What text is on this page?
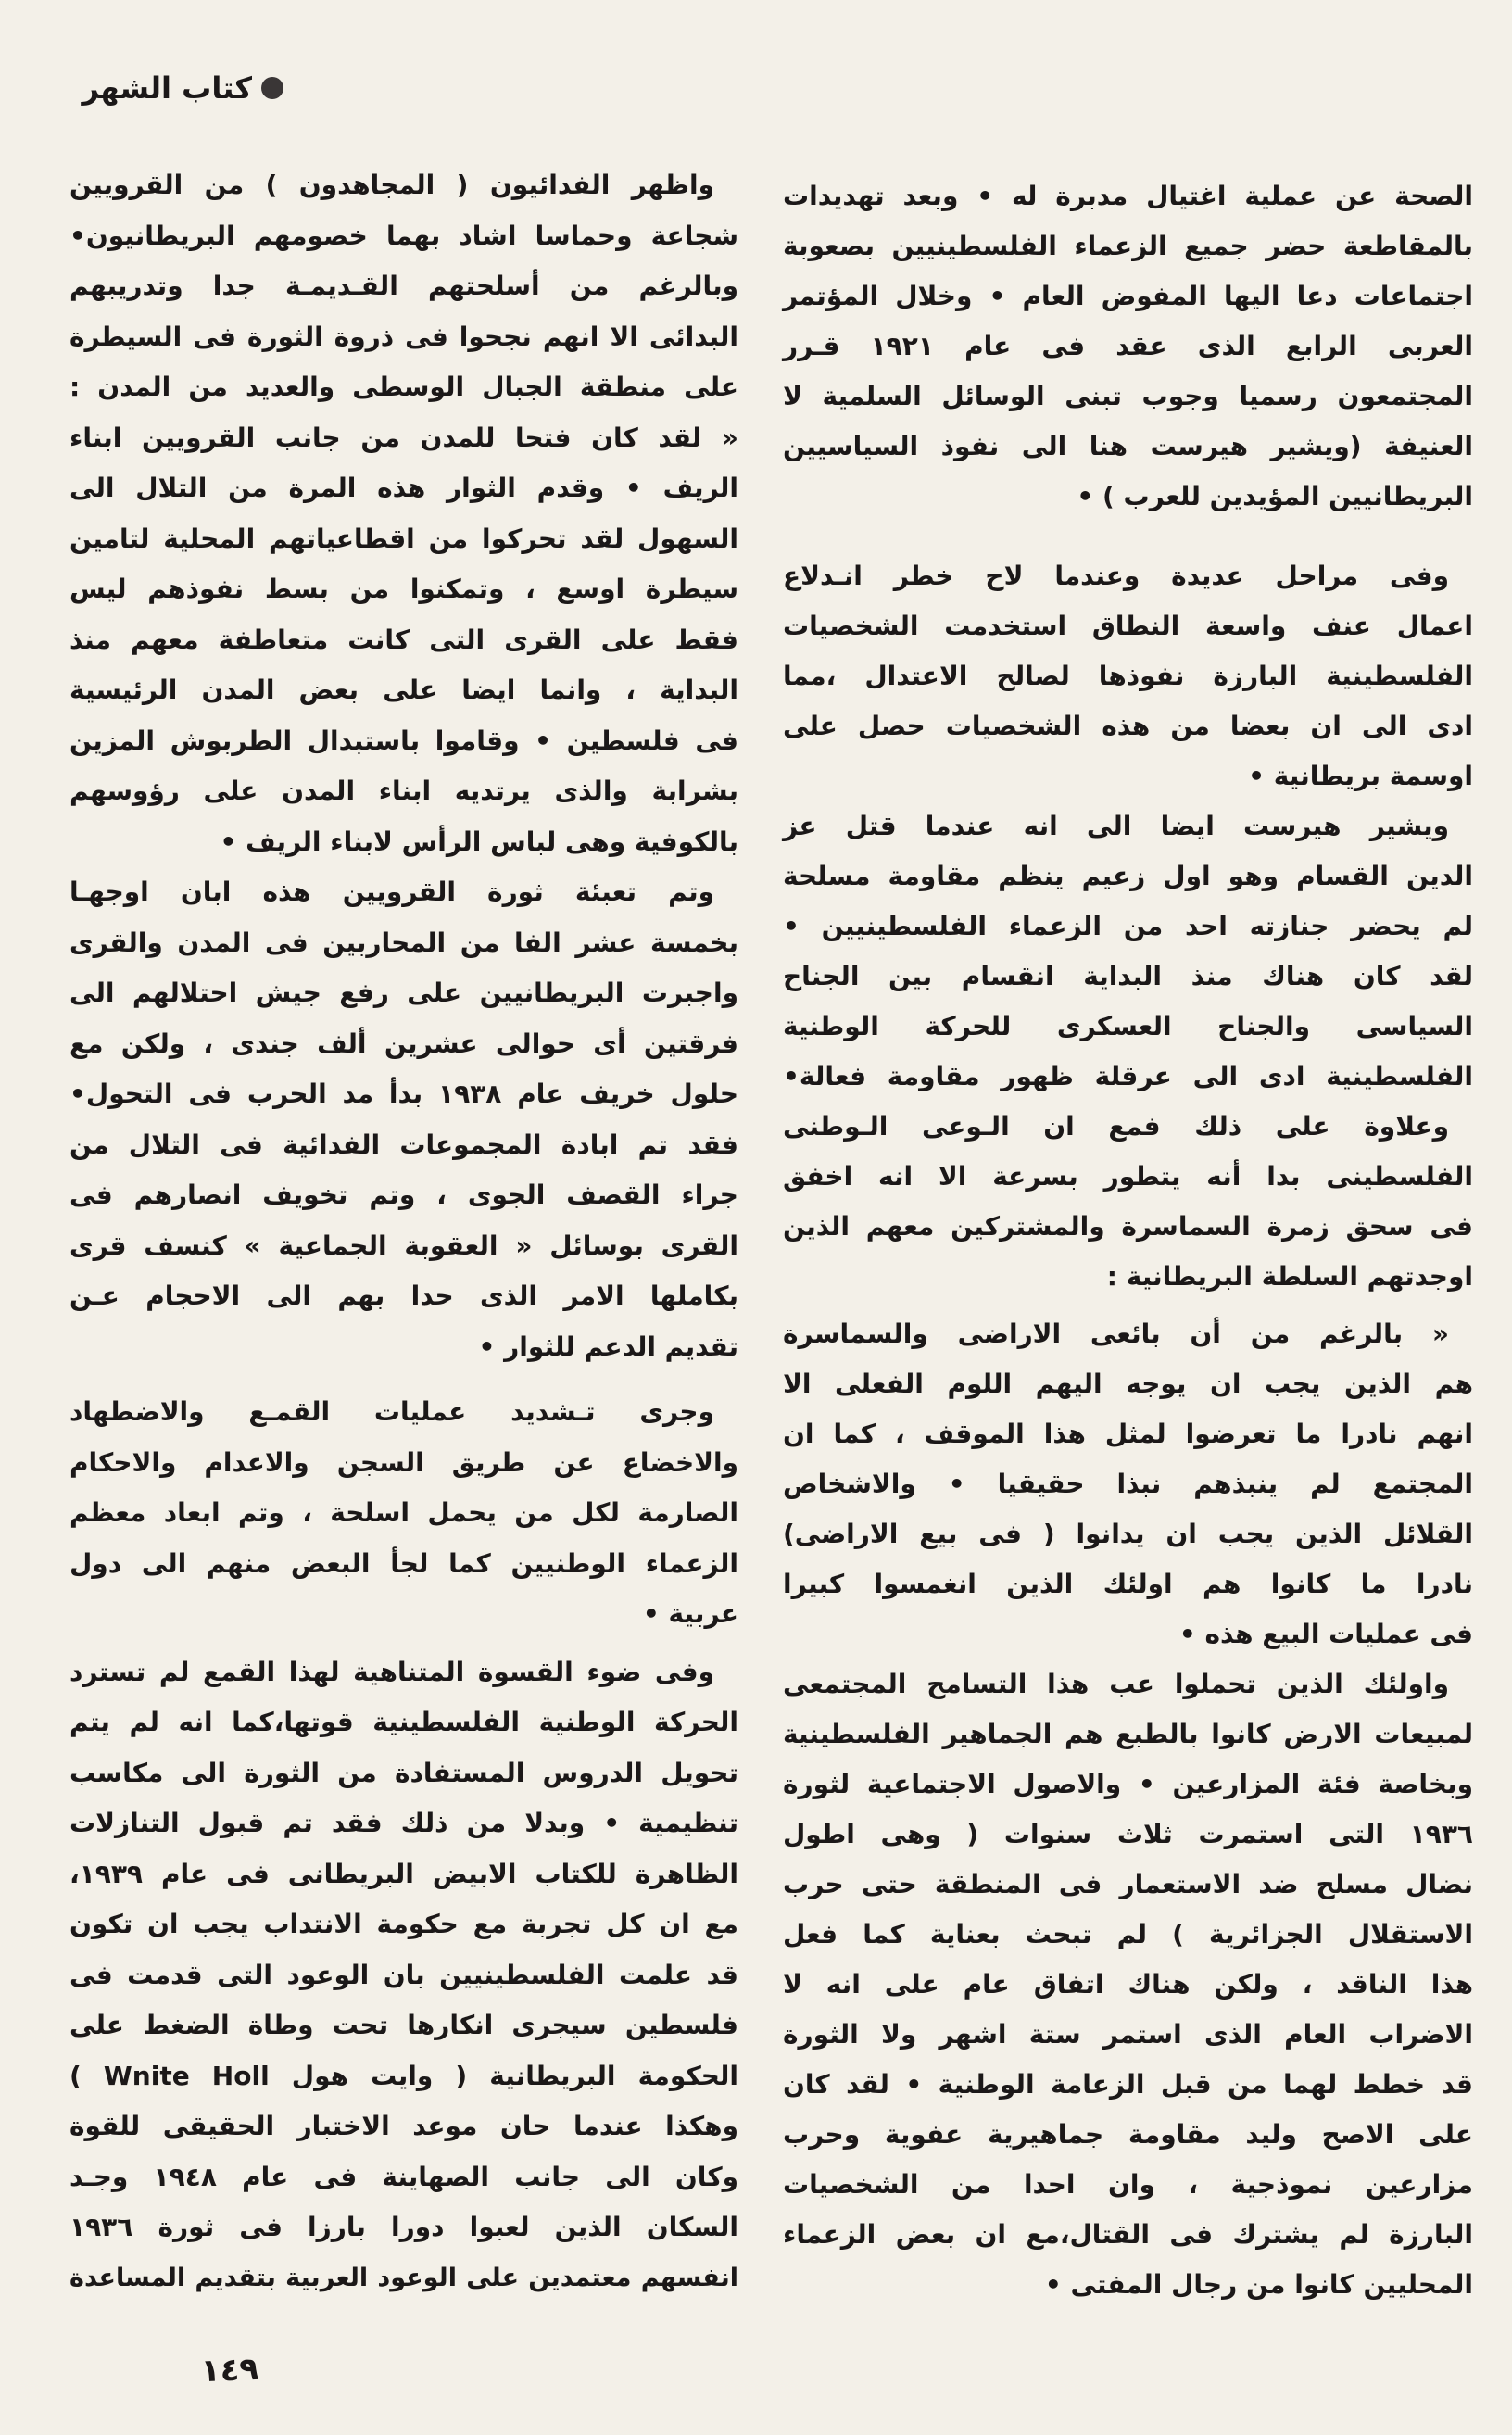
كتاب الشهر
الصحة عن عملية اغتيال مدبرة له • وبعد تهديدات
بالمقاطعة حضر جميع الزعماء الفلسطينيين بصعوبة
اجتماعات دعا اليها المفوض العام • وخلال المؤتمر
العربى الرابع الذى عقد فى عام ١٩٢١ قـرر
المجتمعون رسميا وجوب تبنى الوسائل السلمية لا
العنيفة (ويشير هيرست هنا الى نفوذ السياسيين
البريطانيين المؤيدين للعرب ) •
وفى مراحل عديدة وعندما لاح خطر انـدلاع
اعمال عنف واسعة النطاق استخدمت الشخصيات
الفلسطينية البارزة نفوذها لصالح الاعتدال ،مما
ادى الى ان بعضا من هذه الشخصيات حصل على
اوسمة بريطانية •
ويشير هيرست ايضا الى انه عندما قتل عز
الدين القسام وهو اول زعيم ينظم مقاومة مسلحة
لم يحضر جنازته احد من الزعماء الفلسطينيين •
لقد كان هناك منذ البداية انقسام بين الجناح
السياسى والجناح العسكرى للحركة الوطنية
الفلسطينية ادى الى عرقلة ظهور مقاومة فعالة•
وعلاوة على ذلك فمع ان الـوعى الـوطنى
الفلسطينى بدا أنه يتطور بسرعة الا انه اخفق
فى سحق زمرة السماسرة والمشتركين معهم الذين
اوجدتهم السلطة البريطانية :
« بالرغم من أن بائعى الاراضى والسماسرة
هم الذين يجب ان يوجه اليهم اللوم الفعلى الا
انهم نادرا ما تعرضوا لمثل هذا الموقف ، كما ان
المجتمع لم ينبذهم نبذا حقيقيا • والاشخاص
القلائل الذين يجب ان يدانوا ( فى بيع الاراضى)
نادرا ما كانوا هم اولئك الذين انغمسوا كبيرا
فى عمليات البيع هذه •
واولئك الذين تحملوا عب هذا التسامح المجتمعى
لمبيعات الارض كانوا بالطبع هم الجماهير الفلسطينية
وبخاصة فئة المزارعين • والاصول الاجتماعية لثورة
١٩٣٦ التى استمرت ثلاث سنوات ( وهى اطول
نضال مسلح ضد الاستعمار فى المنطقة حتى حرب
الاستقلال الجزائرية ) لم تبحث بعناية كما فعل
هذا الناقد ، ولكن هناك اتفاق عام على انه لا
الاضراب العام الذى استمر ستة اشهر ولا الثورة
قد خطط لهما من قبل الزعامة الوطنية • لقد كان
على الاصح وليد مقاومة جماهيرية عفوية وحرب
مزارعين نموذجية ، وان احدا من الشخصيات
البارزة لم يشترك فى القتال،مع ان بعض الزعماء
المحليين كانوا من رجال المفتى •
واظهر الفدائيون ( المجاهدون ) من القرويين
شجاعة وحماسا اشاد بهما خصومهم البريطانيون•
وبالرغم من أسلحتهم القـديمـة جدا وتدريبهم
البدائى الا انهم نجحوا فى ذروة الثورة فى السيطرة
على منطقة الجبال الوسطى والعديد من المدن :
« لقد كان فتحا للمدن من جانب القرويين ابناء
الريف • وقدم الثوار هذه المرة من التلال الى
السهول لقد تحركوا من اقطاعياتهم المحلية لتامين
سيطرة اوسع ، وتمكنوا من بسط نفوذهم ليس
فقط على القرى التى كانت متعاطفة معهم منذ
البداية ، وانما ايضا على بعض المدن الرئيسية
فى فلسطين • وقاموا باستبدال الطربوش المزين
بشرابة والذى يرتديه ابناء المدن على رؤوسهم
بالكوفية وهى لباس الرأس لابناء الريف •
وتم تعبئة ثورة القرويين هذه ابان اوجهـا
بخمسة عشر الفا من المحاربين فى المدن والقرى
واجبرت البريطانيين على رفع جيش احتلالهم الى
فرقتين أى حوالى عشرين ألف جندى ، ولكن مع
حلول خريف عام ١٩٣٨ بدأ مد الحرب فى التحول•
فقد تم ابادة المجموعات الفدائية فى التلال من
جراء القصف الجوى ، وتم تخويف انصارهم فى
القرى بوسائل « العقوبة الجماعية » كنسف قرى
بكاملها الامر الذى حدا بهم الى الاحجام عـن
تقديم الدعم للثوار •
وجرى تـشديد عمليات القمـع والاضطهاد
والاخضاع عن طريق السجن والاعدام والاحكام
الصارمة لكل من يحمل اسلحة ، وتم ابعاد معظم
الزعماء الوطنيين كما لجأ البعض منهم الى دول
عربية •
وفى ضوء القسوة المتناهية لهذا القمع لم تسترد
الحركة الوطنية الفلسطينية قوتها،كما انه لم يتم
تحويل الدروس المستفادة من الثورة الى مكاسب
تنظيمية • وبدلا من ذلك فقد تم قبول التنازلات
الظاهرة للكتاب الابيض البريطانى فى عام ١٩٣٩،
مع ان كل تجربة مع حكومة الانتداب يجب ان تكون
قد علمت الفلسطينيين بان الوعود التى قدمت فى
فلسطين سيجرى انكارها تحت وطاة الضغط على
الحكومة البريطانية ( وايت هول Wnite Holl )
وهكذا عندما حان موعد الاختبار الحقيقى للقوة
وكان الى جانب الصهاينة فى عام ١٩٤٨ وجـد
السكان الذين لعبوا دورا بارزا فى ثورة ١٩٣٦
انفسهم معتمدين على الوعود العربية بتقديم المساعدة
١٤٩
